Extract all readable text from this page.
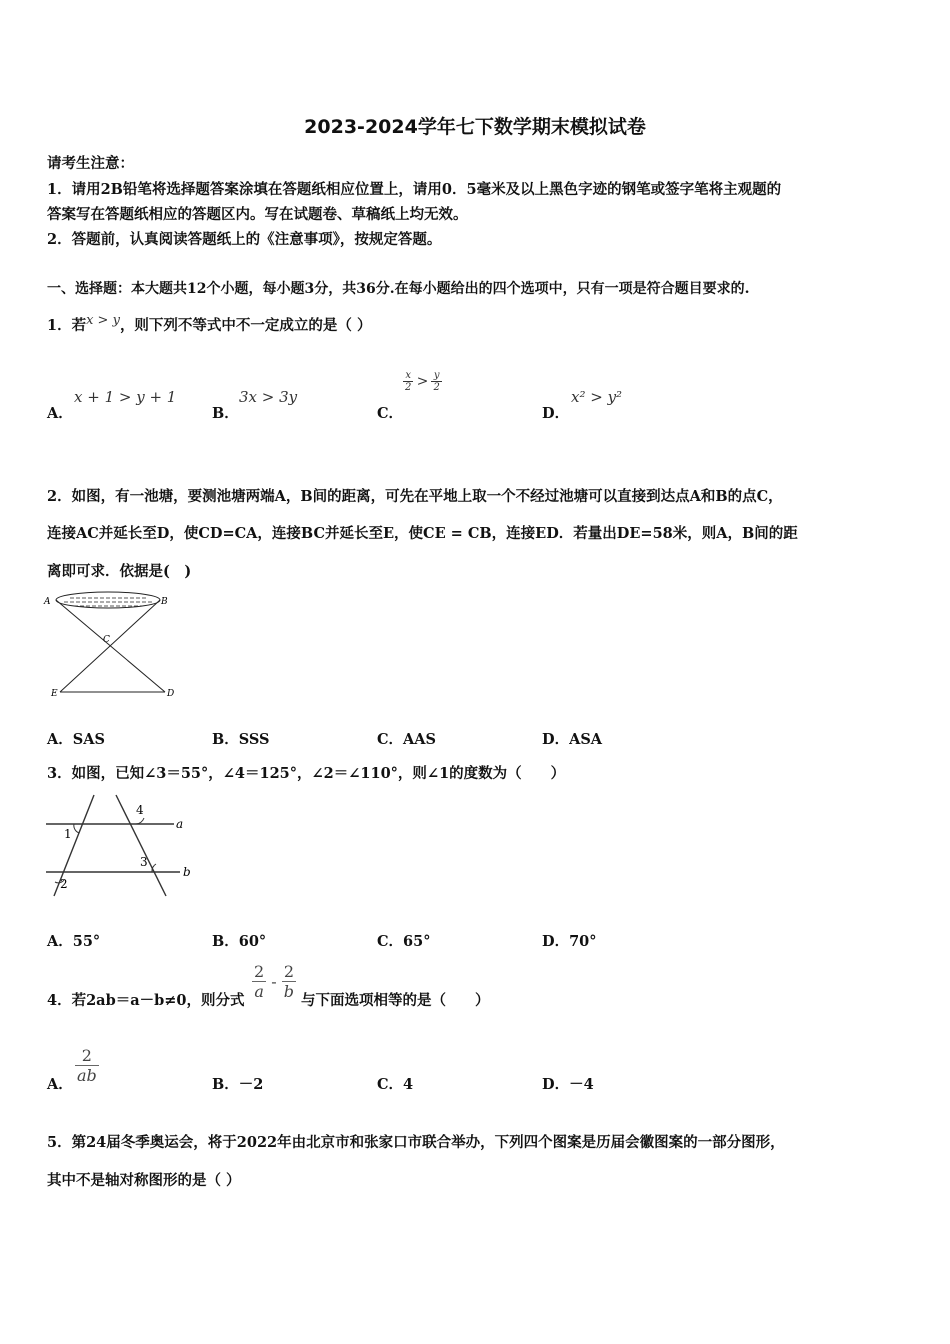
2023-2024学年七下数学期末模拟试卷
请考生注意：
1．请用2B铅笔将选择题答案涂填在答题纸相应位置上，请用0．5毫米及以上黑色字迹的钢笔或签字笔将主观题的
答案写在答题纸相应的答题区内。写在试题卷、草稿纸上均无效。
2．答题前，认真阅读答题纸上的《注意事项》，按规定答题。
一、选择题：本大题共12个小题，每小题3分，共36分.在每小题给出的四个选项中，只有一项是符合题目要求的.
1．若x > y，则下列不等式中不一定成立的是（ ）
A．
x + 1 > y + 1
B．
3x > 3y
C．
$\frac{x}{2} > \frac{y}{2}$
D．
x² > y²
2．如图，有一池塘，要测池塘两端A，B间的距离，可先在平地上取一个不经过池塘可以直接到达点A和B的点C，
连接AC并延长至D，使CD=CA，连接BC并延长至E，使CE = CB，连接ED．若量出DE=58米，则A，B间的距
离即可求．依据是(　)
A	B
C
E	D
A．SAS	B．SSS	C．AAS	D．ASA
3．如图，已知∠3＝55°，∠4＝125°，∠2＝∠110°，则∠1的度数为（　　）
1
2
3
4
a
b
A．55°	B．60°	C．65°	D．70°
4．若2ab＝a－b≠0，则分式 $\frac{2}{a} - \frac{2}{b}$ 与下面选项相等的是（　　）
A． $\frac{2}{ab}$	B．－2	C．4	D．－4
5．第24届冬季奥运会，将于2022年由北京市和张家口市联合举办，下列四个图案是历届会徽图案的一部分图形，
其中不是轴对称图形的是（ ）
